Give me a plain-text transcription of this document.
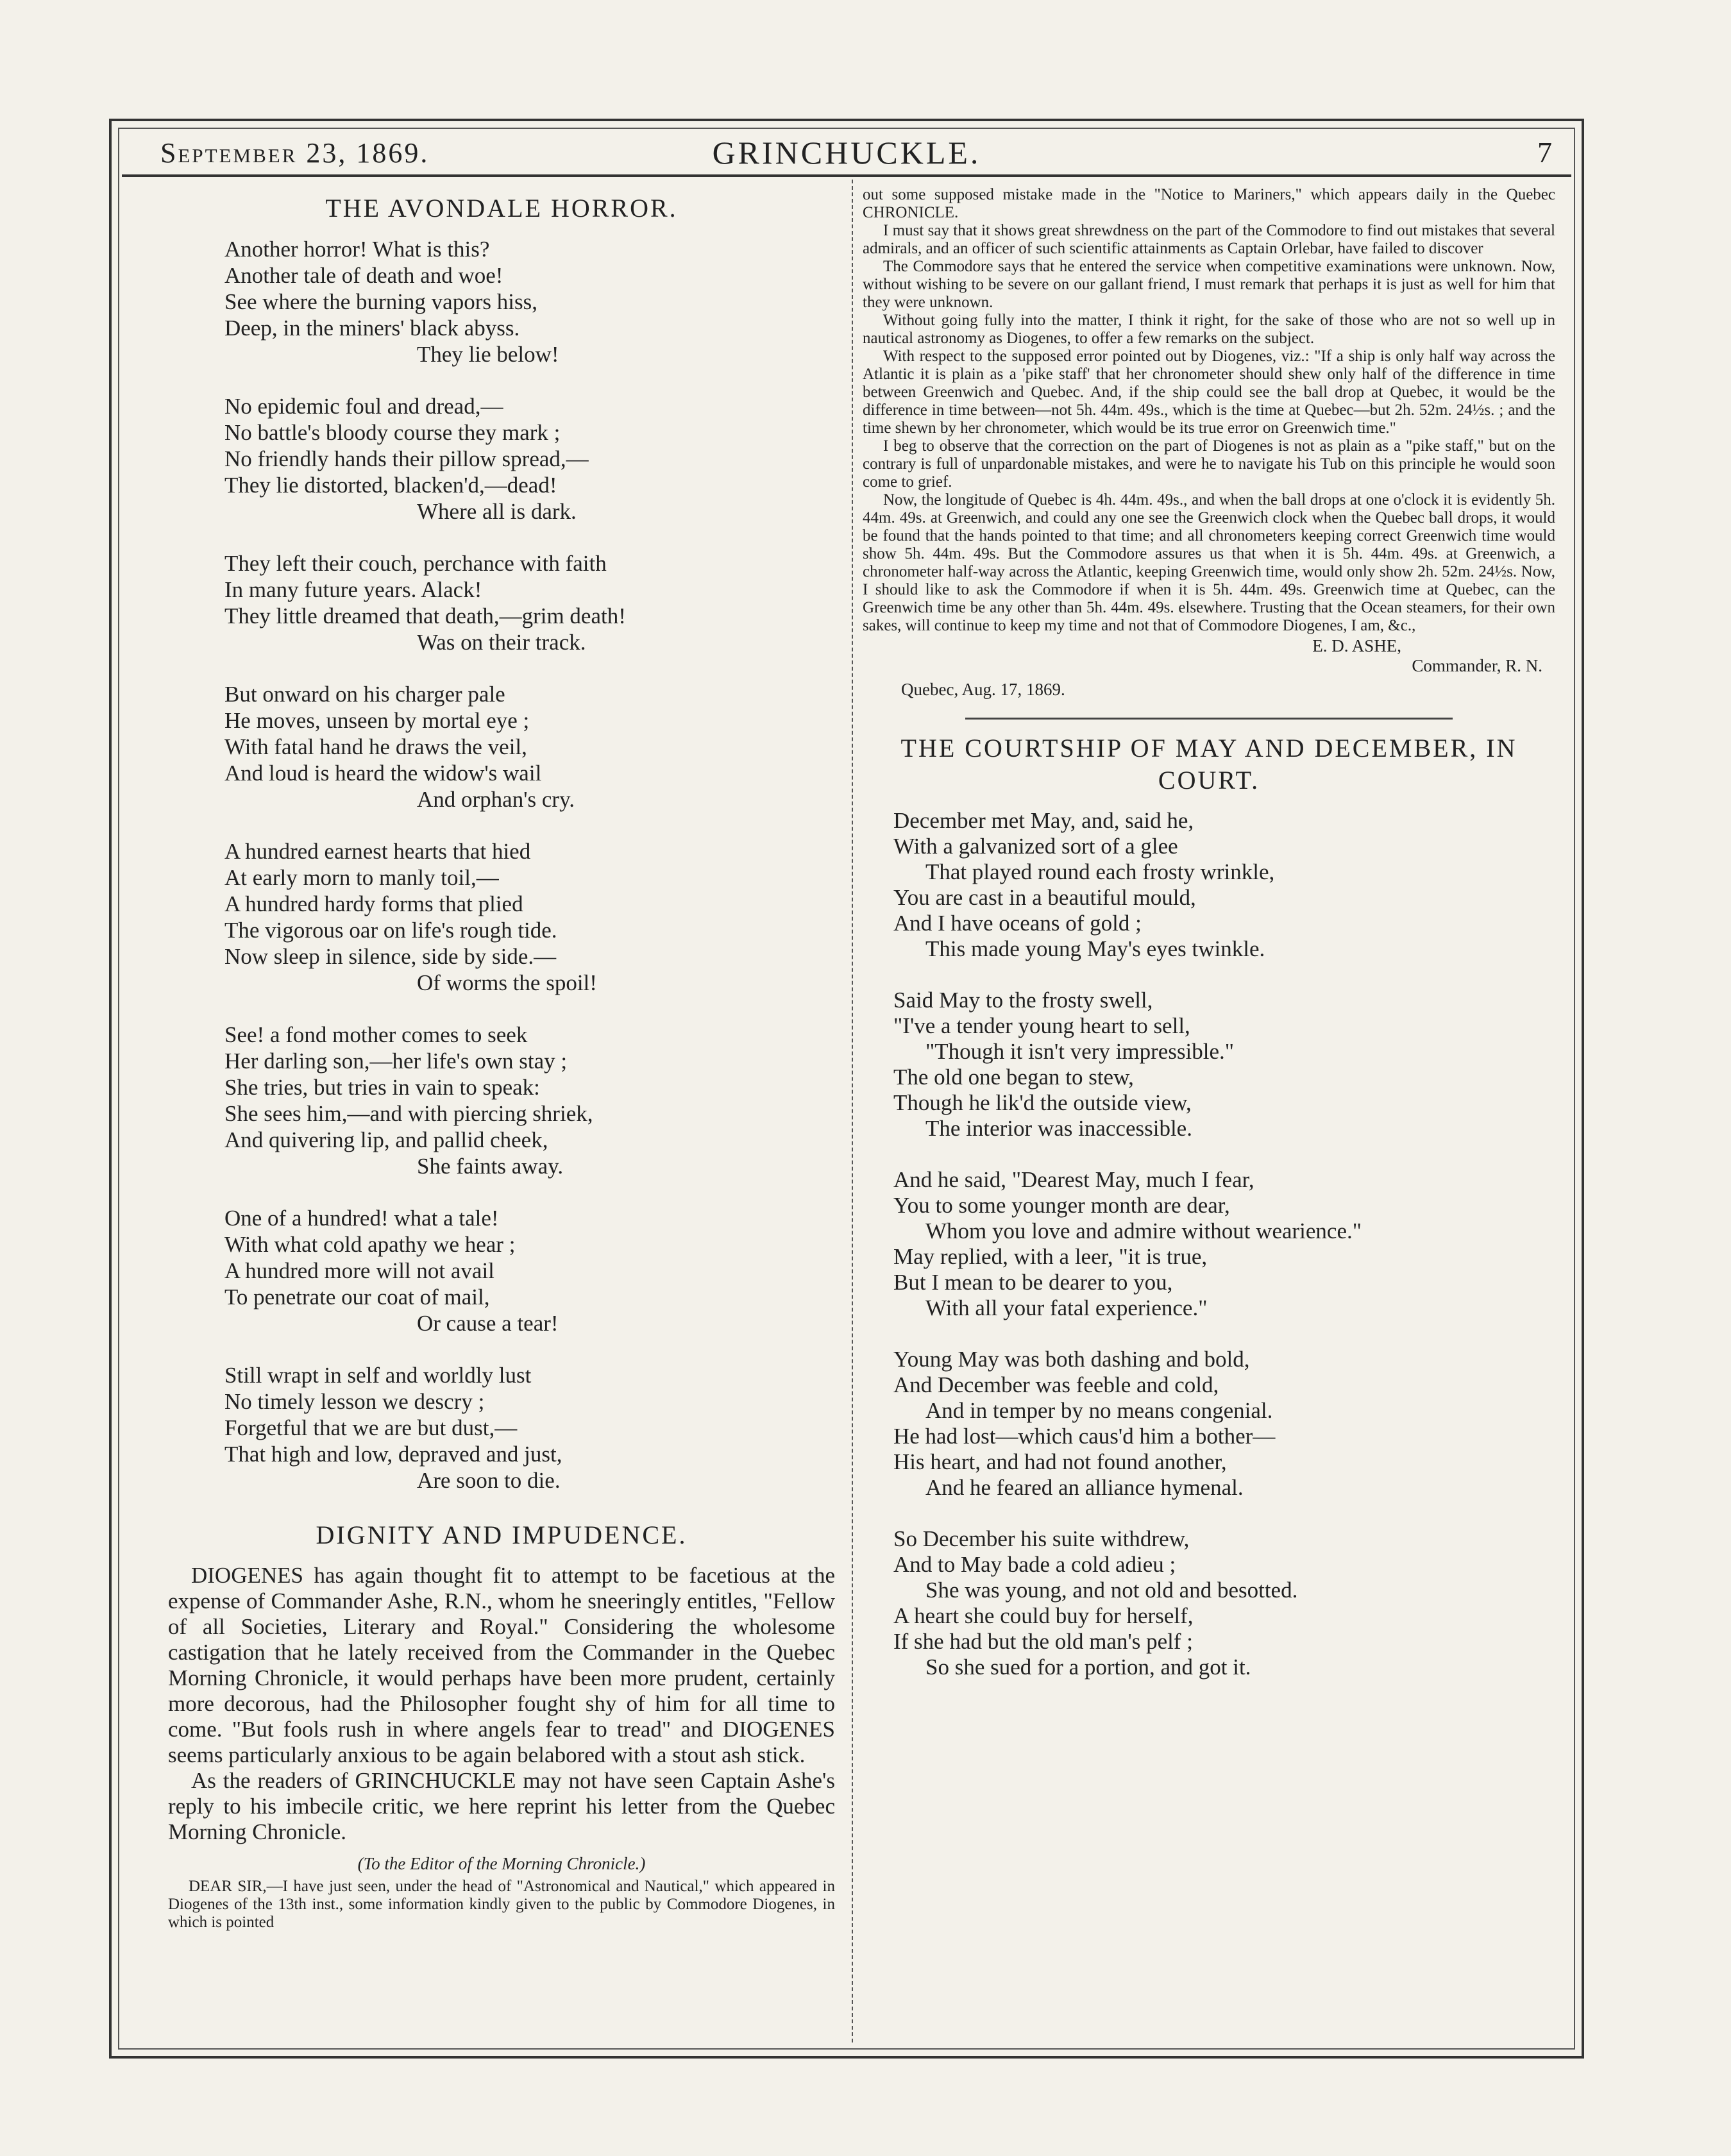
September 23, 1869.	GRINCHUCKLE.	7
THE AVONDALE HORROR.
Another horror! What is this?
Another tale of death and woe!
See where the burning vapors hiss,
Deep, in the miners' black abyss.
They lie below!
No epidemic foul and dread,—
No battle's bloody course they mark ;
No friendly hands their pillow spread,—
They lie distorted, blacken'd,—dead!
Where all is dark.
They left their couch, perchance with faith
In many future years. Alack!
They little dreamed that death,—grim death!
Was on their track.
But onward on his charger pale
He moves, unseen by mortal eye ;
With fatal hand he draws the veil,
And loud is heard the widow's wail
And orphan's cry.
A hundred earnest hearts that hied
At early morn to manly toil,—
A hundred hardy forms that plied
The vigorous oar on life's rough tide.
Now sleep in silence, side by side.—
Of worms the spoil!
See! a fond mother comes to seek
Her darling son,—her life's own stay ;
She tries, but tries in vain to speak:
She sees him,—and with piercing shriek,
And quivering lip, and pallid cheek,
She faints away.
One of a hundred! what a tale!
With what cold apathy we hear ;
A hundred more will not avail
To penetrate our coat of mail,
Or cause a tear!
Still wrapt in self and worldly lust
No timely lesson we descry ;
Forgetful that we are but dust,—
That high and low, depraved and just,
Are soon to die.
DIGNITY AND IMPUDENCE.

DIOGENES has again thought fit to attempt to be facetious at the expense of Commander Ashe, R.N., whom he sneeringly entitles, "Fellow of all Societies, Literary and Royal." Considering the wholesome castigation that he lately received from the Commander in the Quebec Morning Chronicle, it would perhaps have been more prudent, certainly more decorous, had the Philosopher fought shy of him for all time to come. "But fools rush in where angels fear to tread" and DIOGENES seems particularly anxious to be again belabored with a stout ash stick.

As the readers of GRINCHUCKLE may not have seen Captain Ashe's reply to his imbecile critic, we here reprint his letter from the Quebec Morning Chronicle.

(To the Editor of the Morning Chronicle.)

DEAR SIR,—I have just seen, under the head of "Astronomical and Nautical," which appeared in Diogenes of the 13th inst., some information kindly given to the public by Commodore Diogenes, in which is pointed

out some supposed mistake made in the "Notice to Mariners," which appears daily in the Quebec CHRONICLE.

I must say that it shows great shrewdness on the part of the Commodore to find out mistakes that several admirals, and an officer of such scientific attainments as Captain Orlebar, have failed to discover

The Commodore says that he entered the service when competitive examinations were unknown. Now, without wishing to be severe on our gallant friend, I must remark that perhaps it is just as well for him that they were unknown.

Without going fully into the matter, I think it right, for the sake of those who are not so well up in nautical astronomy as Diogenes, to offer a few remarks on the subject.

With respect to the supposed error pointed out by Diogenes, viz.: "If a ship is only half way across the Atlantic it is plain as a 'pike staff' that her chronometer should shew only half of the difference in time between Greenwich and Quebec. And, if the ship could see the ball drop at Quebec, it would be the difference in time between—not 5h. 44m. 49s., which is the time at Quebec—but 2h. 52m. 24½s. ; and the time shewn by her chronometer, which would be its true error on Greenwich time."

I beg to observe that the correction on the part of Diogenes is not as plain as a "pike staff," but on the contrary is full of unpardonable mistakes, and were he to navigate his Tub on this principle he would soon come to grief.

Now, the longitude of Quebec is 4h. 44m. 49s., and when the ball drops at one o'clock it is evidently 5h. 44m. 49s. at Greenwich, and could any one see the Greenwich clock when the Quebec ball drops, it would be found that the hands pointed to that time; and all chronometers keeping correct Greenwich time would show 5h. 44m. 49s. But the Commodore assures us that when it is 5h. 44m. 49s. at Greenwich, a chronometer half-way across the Atlantic, keeping Greenwich time, would only show 2h. 52m. 24½s. Now, I should like to ask the Commodore if when it is 5h. 44m. 49s. Greenwich time at Quebec, can the Greenwich time be any other than 5h. 44m. 49s. elsewhere. Trusting that the Ocean steamers, for their own sakes, will continue to keep my time and not that of Commodore Diogenes, I am, &c.,

E. D. ASHE,
Commander, R. N.
Quebec, Aug. 17, 1869.
THE COURTSHIP OF MAY AND DECEMBER, IN COURT.
December met May, and, said he,
With a galvanized sort of a glee
That played round each frosty wrinkle,
You are cast in a beautiful mould,
And I have oceans of gold ;
This made young May's eyes twinkle.
Said May to the frosty swell,
"I've a tender young heart to sell,
"Though it isn't very impressible."
The old one began to stew,
Though he lik'd the outside view,
The interior was inaccessible.
And he said, "Dearest May, much I fear,
You to some younger month are dear,
Whom you love and admire without wearience."
May replied, with a leer, "it is true,
But I mean to be dearer to you,
With all your fatal experience."
Young May was both dashing and bold,
And December was feeble and cold,
And in temper by no means congenial.
He had lost—which caus'd him a bother—
His heart, and had not found another,
And he feared an alliance hymenal.
So December his suite withdrew,
And to May bade a cold adieu ;
She was young, and not old and besotted.
A heart she could buy for herself,
If she had but the old man's pelf ;
So she sued for a portion, and got it.
